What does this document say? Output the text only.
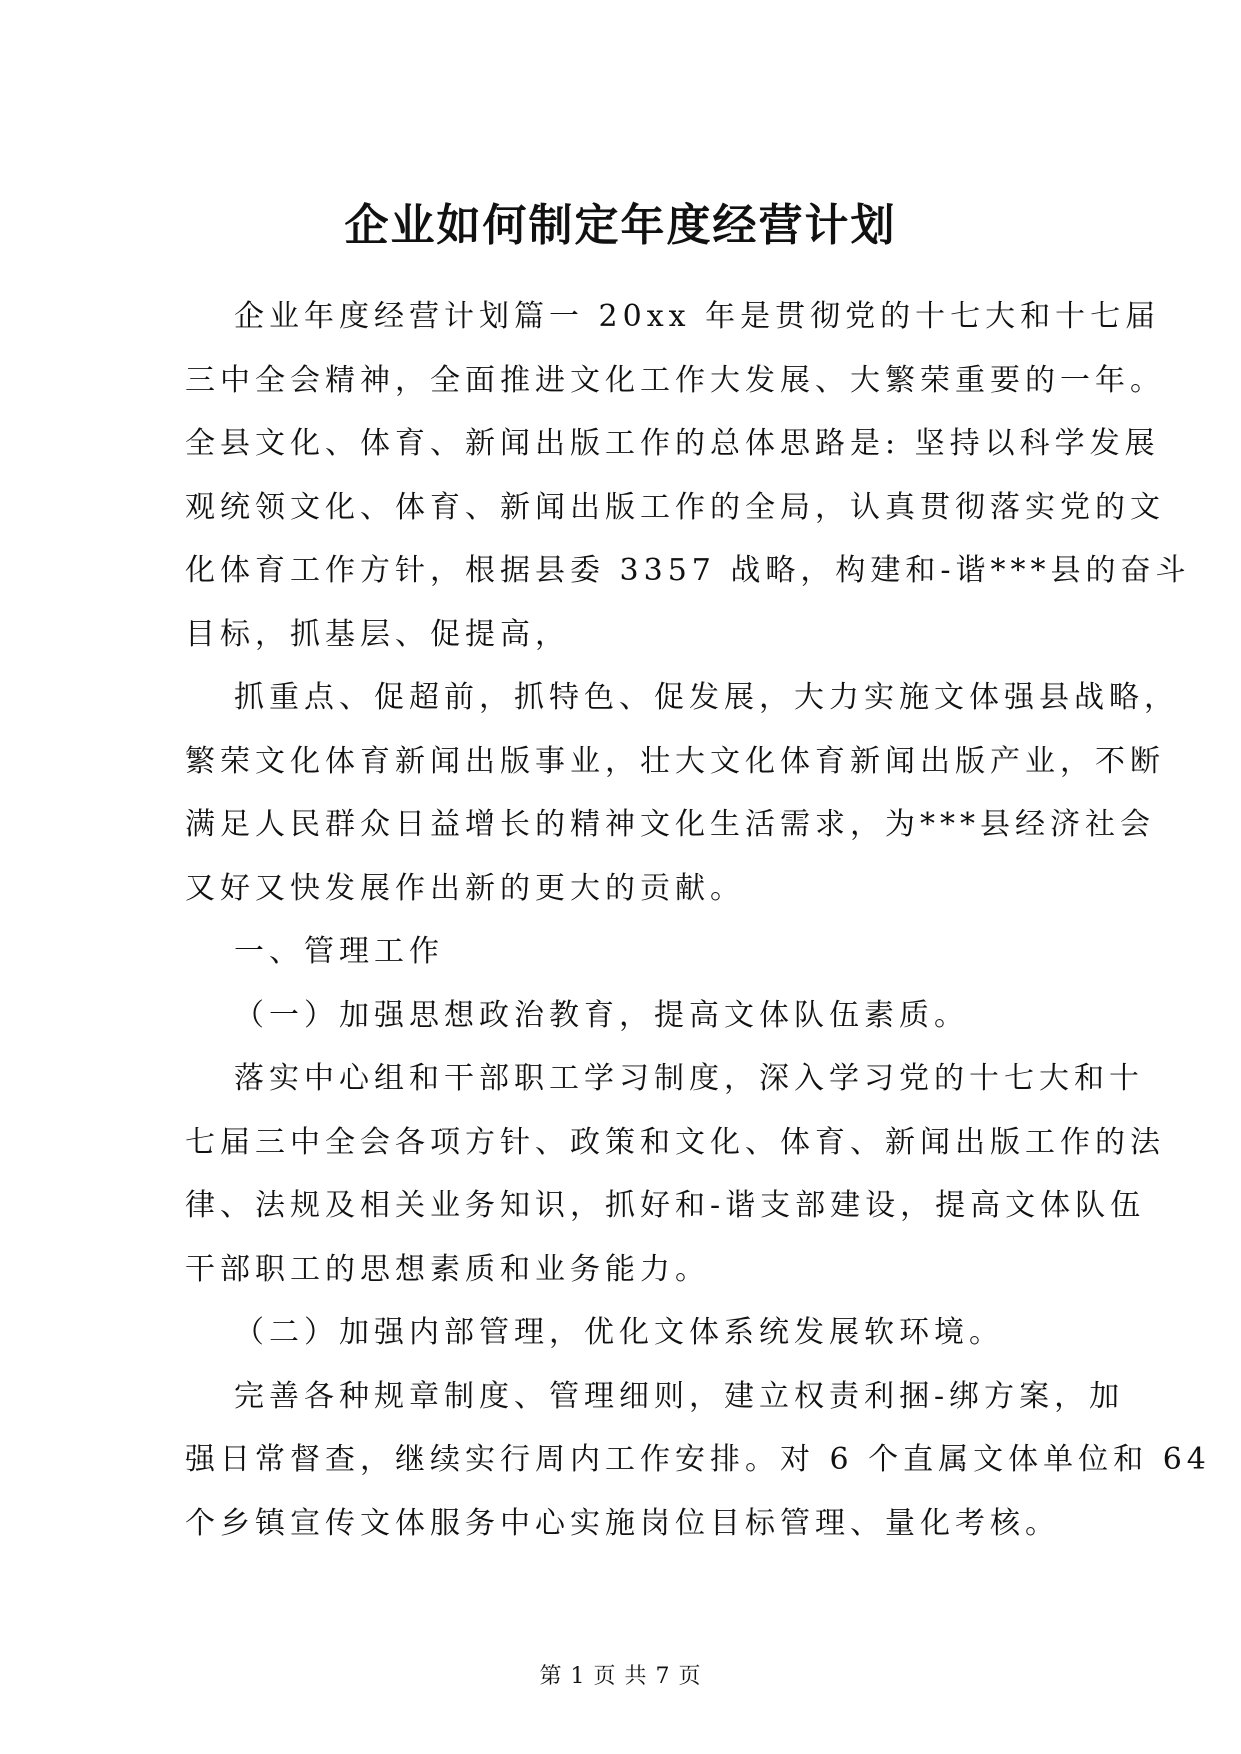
企业如何制定年度经营计划
企业年度经营计划篇一 20xx 年是贯彻党的十七大和十七届
三中全会精神，全面推进文化工作大发展、大繁荣重要的一年。
全县文化、体育、新闻出版工作的总体思路是: 坚持以科学发展
观统领文化、体育、新闻出版工作的全局，认真贯彻落实党的文
化体育工作方针，根据县委 3357 战略，构建和-谐***县的奋斗
目标，抓基层、促提高，
抓重点、促超前，抓特色、促发展，大力实施文体强县战略，
繁荣文化体育新闻出版事业，壮大文化体育新闻出版产业，不断
满足人民群众日益增长的精神文化生活需求，为***县经济社会
又好又快发展作出新的更大的贡献。
一、管理工作
（一）加强思想政治教育，提高文体队伍素质。
落实中心组和干部职工学习制度，深入学习党的十七大和十
七届三中全会各项方针、政策和文化、体育、新闻出版工作的法
律、法规及相关业务知识，抓好和-谐支部建设，提高文体队伍
干部职工的思想素质和业务能力。
（二）加强内部管理，优化文体系统发展软环境。
完善各种规章制度、管理细则，建立权责利捆-绑方案，加
强日常督查，继续实行周内工作安排。对 6 个直属文体单位和 64
个乡镇宣传文体服务中心实施岗位目标管理、量化考核。
第 1 页 共 7 页
